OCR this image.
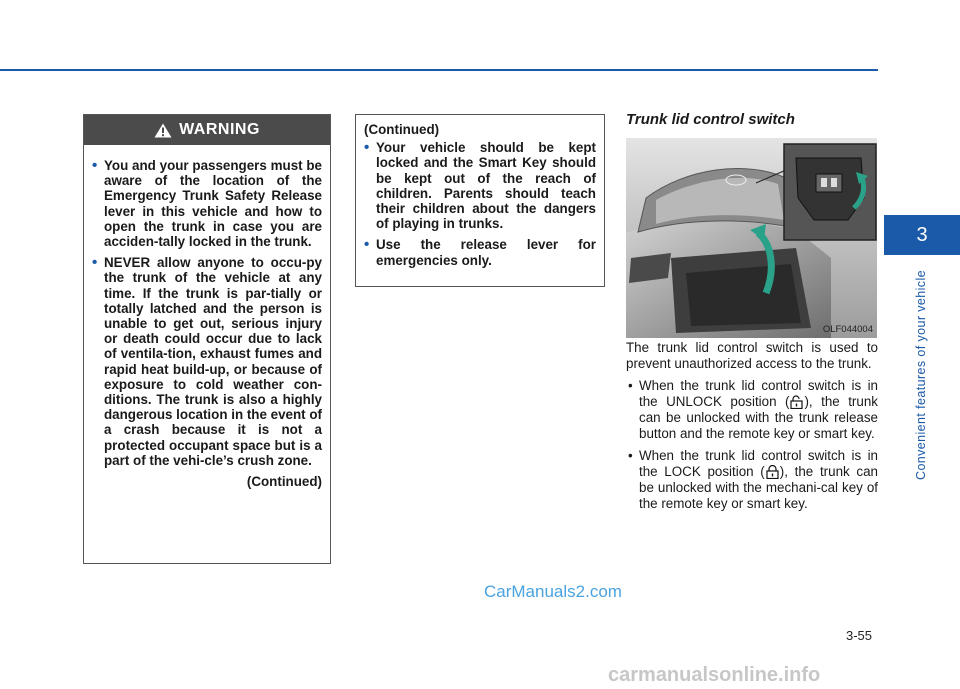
WARNING
• You and your passengers must be aware of the location of the Emergency Trunk Safety Release lever in this vehicle and how to open the trunk in case you are acciden-tally locked in the trunk.
• NEVER allow anyone to occu-py the trunk of the vehicle at any time. If the trunk is par-tially or totally latched and the person is unable to get out, serious injury or death could occur due to lack of ventila-tion, exhaust fumes and rapid heat build-up, or because of exposure to cold weather con-ditions. The trunk is also a highly dangerous location in the event of a crash because it is not a protected occupant space but is a part of the vehi-cle’s crush zone.
(Continued)
(Continued)
• Your vehicle should be kept locked and the Smart Key should be kept out of the reach of children. Parents should teach their children about the dangers of playing in trunks.
• Use the release lever for emergencies only.
Trunk lid control switch
OLF044004
The trunk lid control switch is used to prevent unauthorized access to the trunk.
• When the trunk lid control switch is in the UNLOCK position ( ), the trunk can be unlocked with the trunk release button and the remote key or smart key.
• When the trunk lid control switch is in the LOCK position ( ), the trunk can be unlocked with the mechani-cal key of the remote key or smart key.
3
Convenient features of your vehicle
3-55
CarManuals2.com
carmanualsonline.info
